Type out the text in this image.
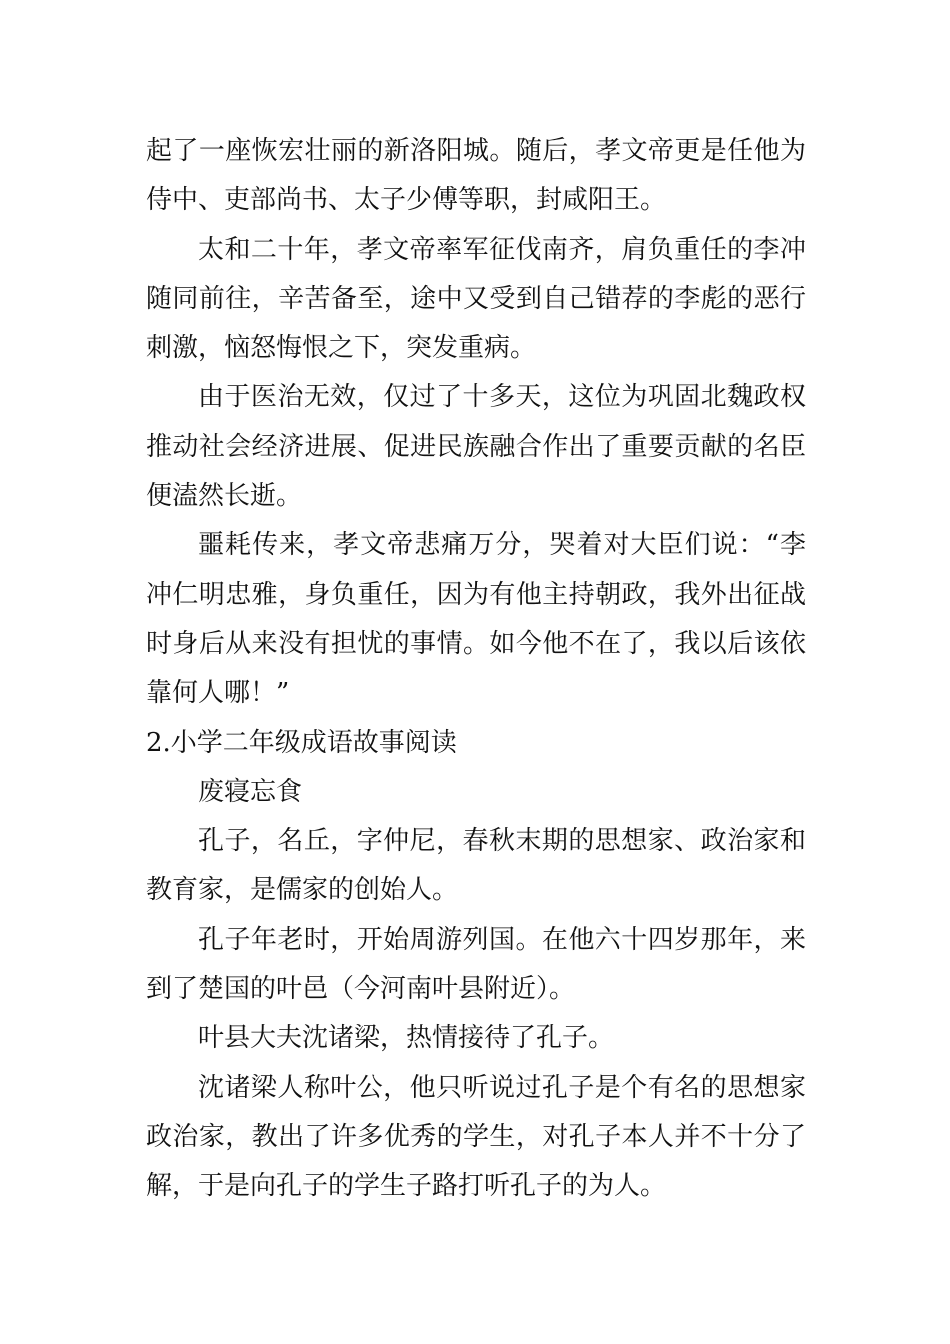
起了一座恢宏壮丽的新洛阳城。随后，孝文帝更是任他为侍中、吏部尚书、太子少傅等职，封咸阳王。

太和二十年，孝文帝率军征伐南齐，肩负重任的李冲随同前往，辛苦备至，途中又受到自己错荐的李彪的恶行刺激，恼怒悔恨之下，突发重病。

由于医治无效，仅过了十多天，这位为巩固北魏政权推动社会经济进展、促进民族融合作出了重要贡献的名臣便溘然长逝。

噩耗传来，孝文帝悲痛万分，哭着对大臣们说：“李冲仁明忠雅，身负重任，因为有他主持朝政，我外出征战时身后从来没有担忧的事情。如今他不在了，我以后该依靠何人哪！”

2.小学二年级成语故事阅读

废寝忘食

孔子，名丘，字仲尼，春秋末期的思想家、政治家和教育家，是儒家的创始人。

孔子年老时，开始周游列国。在他六十四岁那年，来到了楚国的叶邑（今河南叶县附近）。

叶县大夫沈诸梁，热情接待了孔子。

沈诸梁人称叶公，他只听说过孔子是个有名的思想家政治家，教出了许多优秀的学生，对孔子本人并不十分了解，于是向孔子的学生子路打听孔子的为人。
